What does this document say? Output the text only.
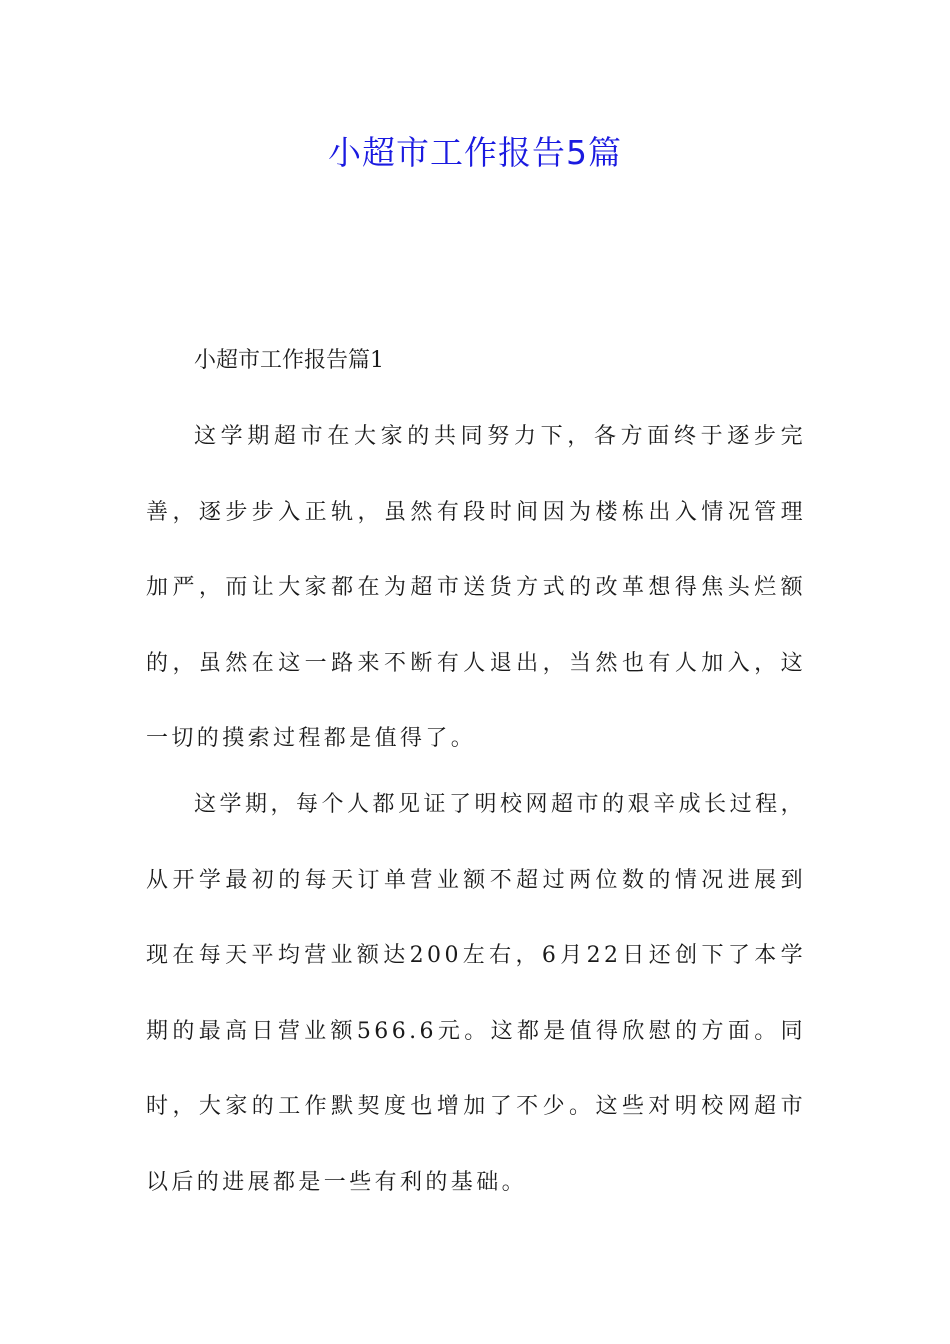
小超市工作报告5篇

小超市工作报告篇1

这学期超市在大家的共同努力下，各方面终于逐步完善，逐步步入正轨，虽然有段时间因为楼栋出入情况管理加严，而让大家都在为超市送货方式的改革想得焦头烂额的，虽然在这一路来不断有人退出，当然也有人加入，这一切的摸索过程都是值得了。

这学期，每个人都见证了明校网超市的艰辛成长过程，从开学最初的每天订单营业额不超过两位数的情况进展到现在每天平均营业额达200左右，6月22日还创下了本学期的最高日营业额566.6元。这都是值得欣慰的方面。同时，大家的工作默契度也增加了不少。这些对明校网超市以后的进展都是一些有利的基础。
